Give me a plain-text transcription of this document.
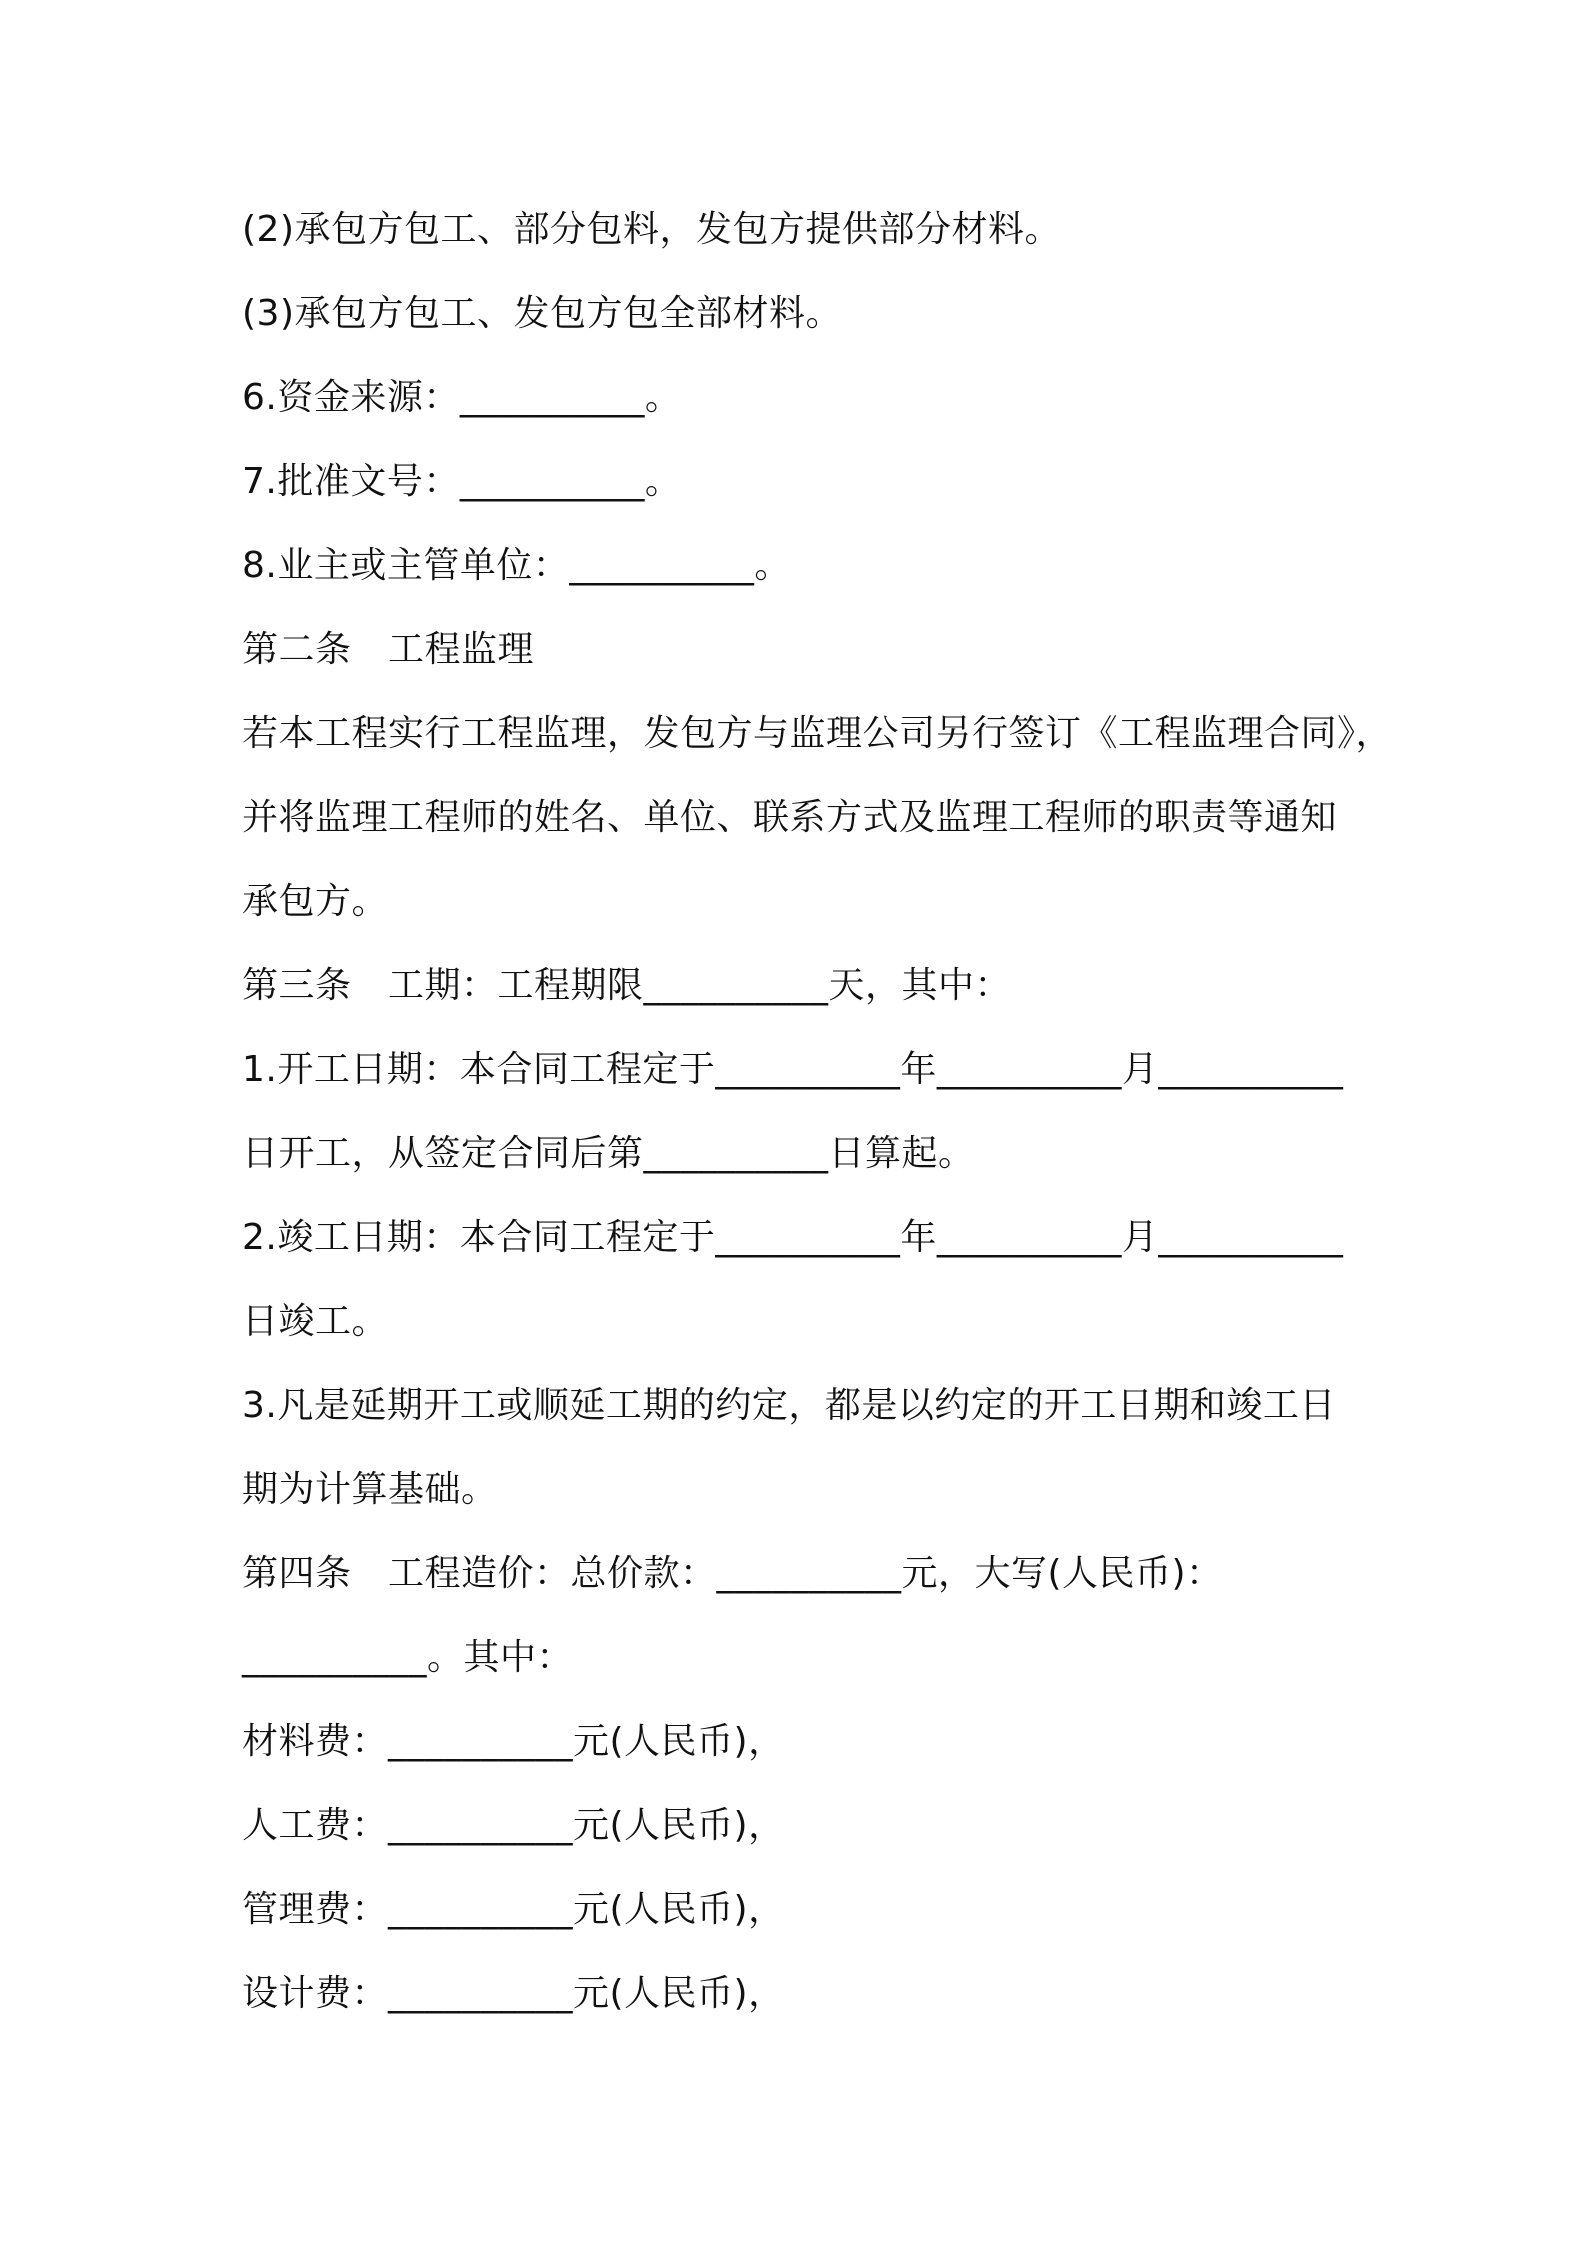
(2)承包方包工、部分包料，发包方提供部分材料。
(3)承包方包工、发包方包全部材料。
6.资金来源：__________。
7.批准文号：__________。
8.业主或主管单位：__________。
第二条　工程监理
若本工程实行工程监理，发包方与监理公司另行签订《工程监理合同》，
并将监理工程师的姓名、单位、联系方式及监理工程师的职责等通知
承包方。
第三条　工期：工程期限__________天，其中：
1.开工日期：本合同工程定于__________年__________月__________
日开工，从签定合同后第__________日算起。
2.竣工日期：本合同工程定于__________年__________月__________
日竣工。
3.凡是延期开工或顺延工期的约定，都是以约定的开工日期和竣工日
期为计算基础。
第四条　工程造价：总价款：__________元，大写(人民币)：
__________。其中：
材料费：__________元(人民币)，
人工费：__________元(人民币)，
管理费：__________元(人民币)，
设计费：__________元(人民币)，
